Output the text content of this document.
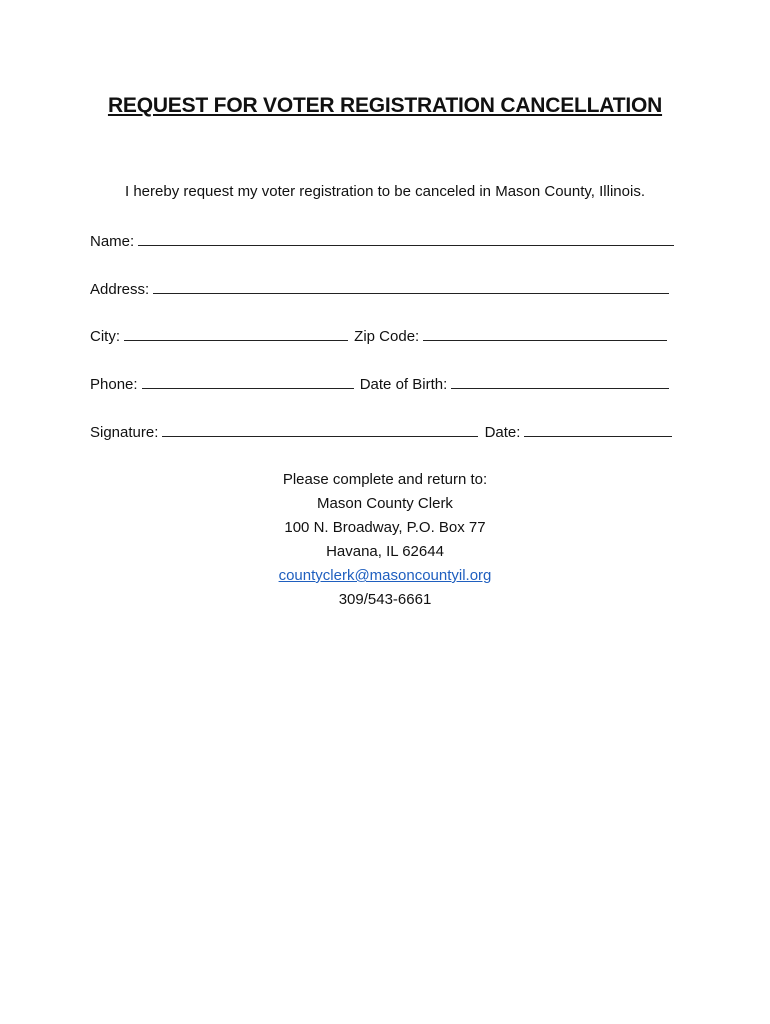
REQUEST FOR VOTER REGISTRATION CANCELLATION
I hereby request my voter registration to be canceled in Mason County, Illinois.
Name:
Address:
City:	Zip Code:
Phone:	Date of Birth:
Signature:	Date:
Please complete and return to:
Mason County Clerk
100 N. Broadway, P.O. Box 77
Havana, IL 62644
countyclerk@masoncountyil.org
309/543-6661
